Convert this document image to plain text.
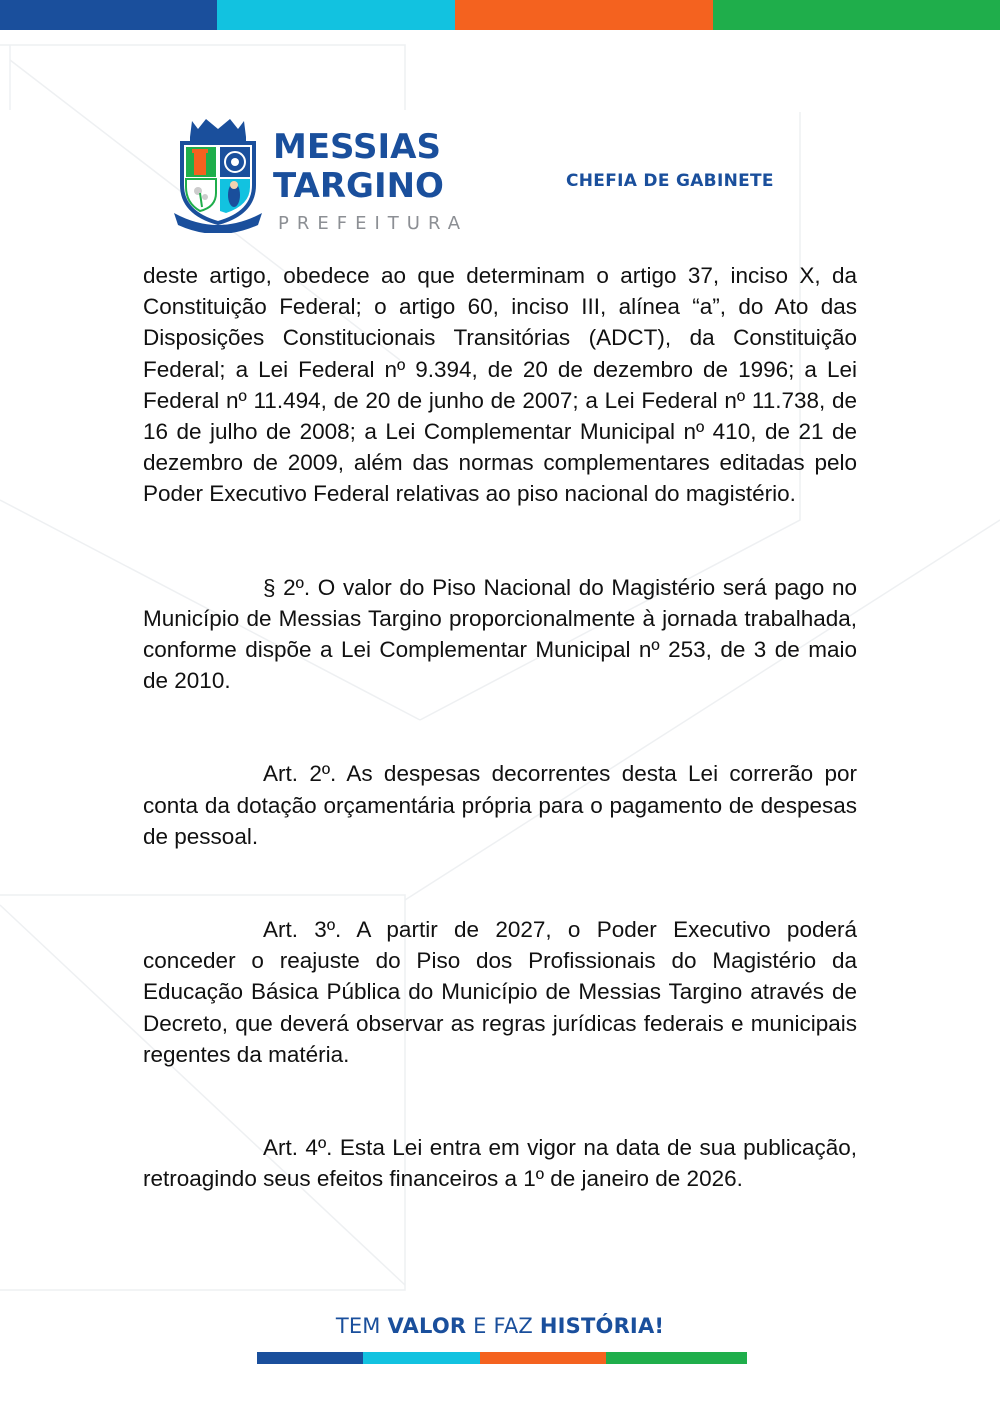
MESSIAS
TARGINO
PREFEITURA
CHEFIA DE GABINETE

deste artigo, obedece ao que determinam o artigo 37, inciso X, da Constituição Federal; o artigo 60, inciso III, alínea “a”, do Ato das Disposições Constitucionais Transitórias (ADCT), da Constituição Federal; a Lei Federal nº 9.394, de 20 de dezembro de 1996; a Lei Federal nº 11.494, de 20 de junho de 2007; a Lei Federal nº 11.738, de 16 de julho de 2008; a Lei Complementar Municipal nº 410, de 21 de dezembro de 2009, além das normas complementares editadas pelo Poder Executivo Federal relativas ao piso nacional do magistério.

§ 2º. O valor do Piso Nacional do Magistério será pago no Município de Messias Targino proporcionalmente à jornada trabalhada, conforme dispõe a Lei Complementar Municipal nº 253, de 3 de maio de 2010.

Art. 2º. As despesas decorrentes desta Lei correrão por conta da dotação orçamentária própria para o pagamento de despesas de pessoal.

Art. 3º. A partir de 2027, o Poder Executivo poderá conceder o reajuste do Piso dos Profissionais do Magistério da Educação Básica Pública do Município de Messias Targino através de Decreto, que deverá observar as regras jurídicas federais e municipais regentes da matéria.

Art. 4º. Esta Lei entra em vigor na data de sua publicação, retroagindo seus efeitos financeiros a 1º de janeiro de 2026.

TEM VALOR E FAZ HISTÓRIA!
